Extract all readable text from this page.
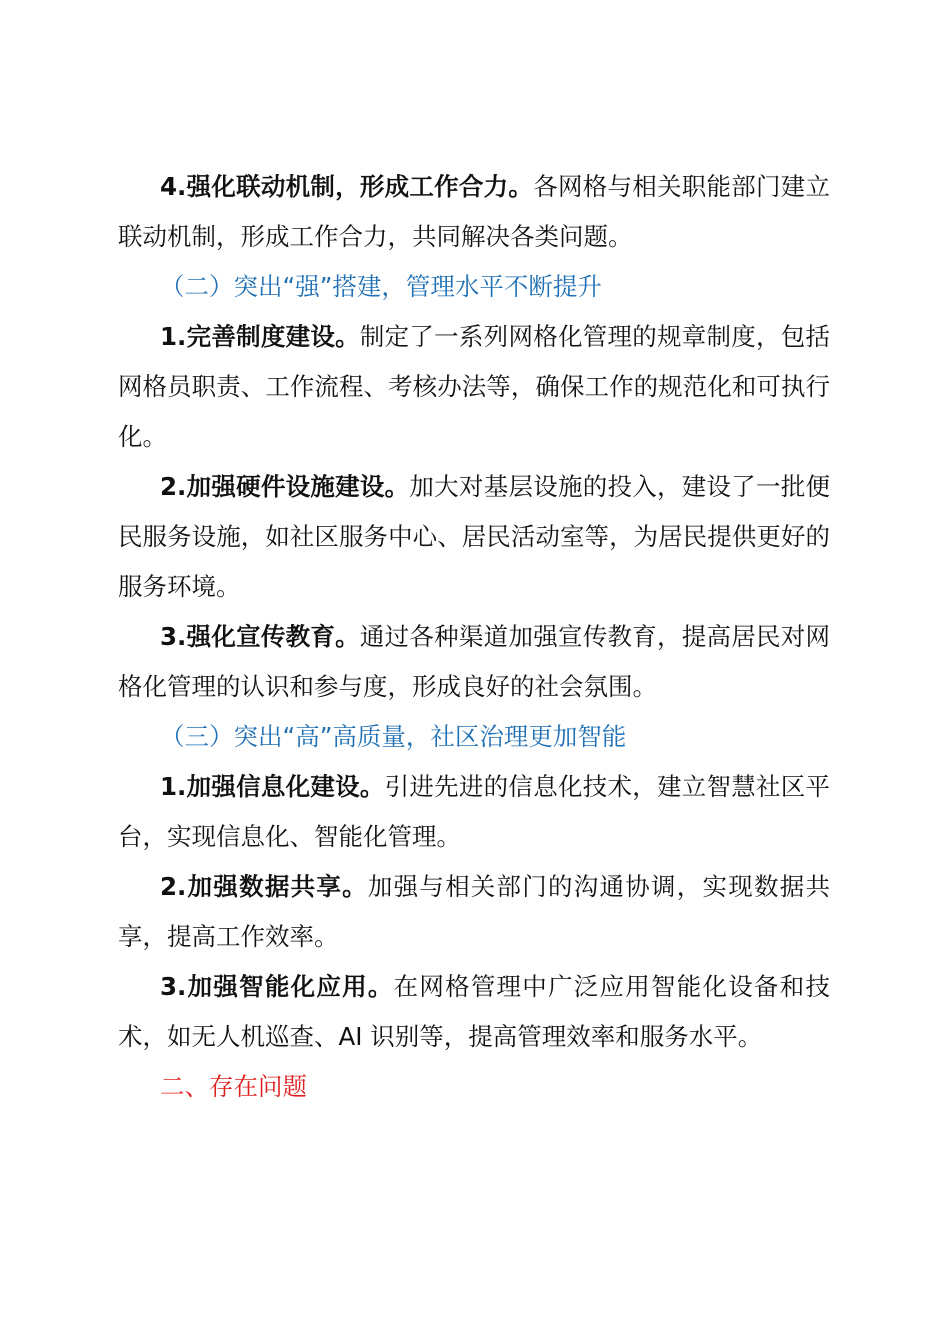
4.强化联动机制，形成工作合力。各网格与相关职能部门建立联动机制，形成工作合力，共同解决各类问题。

（二）突出“强”搭建，管理水平不断提升

1.完善制度建设。制定了一系列网格化管理的规章制度，包括网格员职责、工作流程、考核办法等，确保工作的规范化和可执行化。

2.加强硬件设施建设。加大对基层设施的投入，建设了一批便民服务设施，如社区服务中心、居民活动室等，为居民提供更好的服务环境。

3.强化宣传教育。通过各种渠道加强宣传教育，提高居民对网格化管理的认识和参与度，形成良好的社会氛围。

（三）突出“高”高质量，社区治理更加智能

1.加强信息化建设。引进先进的信息化技术，建立智慧社区平台，实现信息化、智能化管理。

2.加强数据共享。加强与相关部门的沟通协调，实现数据共享，提高工作效率。

3.加强智能化应用。在网格管理中广泛应用智能化设备和技术，如无人机巡查、AI 识别等，提高管理效率和服务水平。

二、存在问题
